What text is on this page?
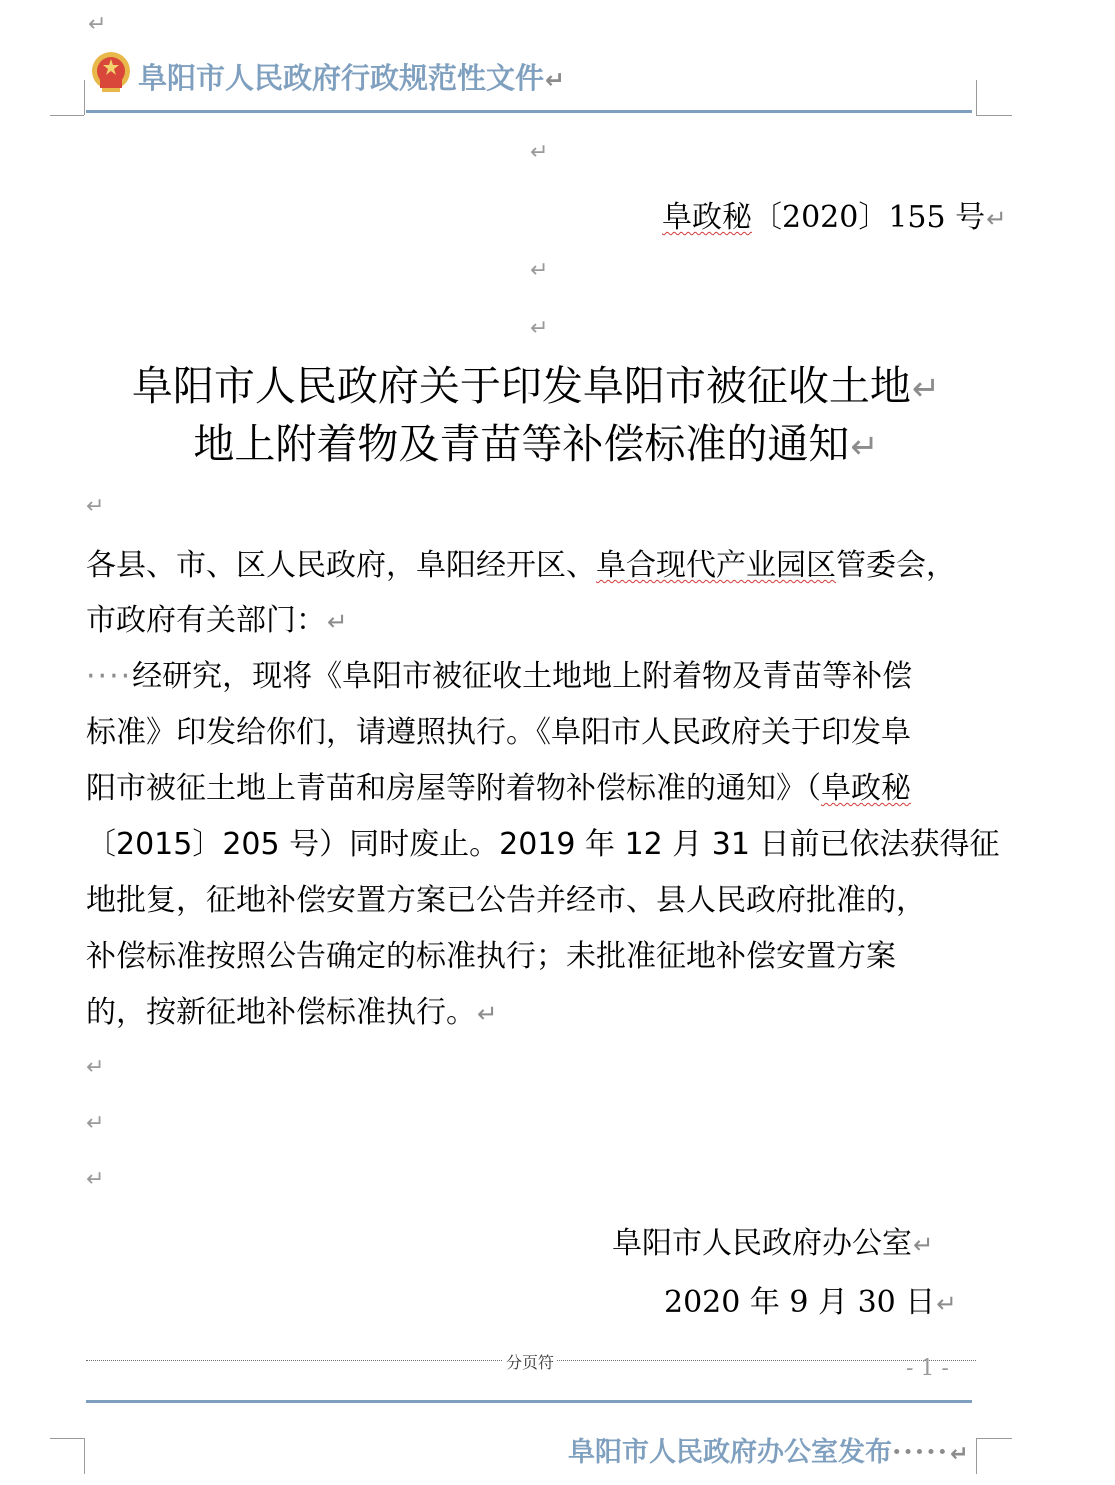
↵
阜阳市人民政府行政规范性文件↵
↵
阜政秘〔2020〕155 号↵
↵
↵
阜阳市人民政府关于印发阜阳市被征收土地↵
地上附着物及青苗等补偿标准的通知↵
↵
各县、市、区人民政府，阜阳经开区、阜合现代产业园区管委会，
市政府有关部门：↵
····经研究，现将《阜阳市被征收土地地上附着物及青苗等补偿
标准》印发给你们，请遵照执行。《阜阳市人民政府关于印发阜
阳市被征土地上青苗和房屋等附着物补偿标准的通知》（阜政秘
〔2015〕205 号）同时废止。2019 年 12 月 31 日前已依法获得征
地批复，征地补偿安置方案已公告并经市、县人民政府批准的，
补偿标准按照公告确定的标准执行；未批准征地补偿安置方案
的，按新征地补偿标准执行。↵
↵
↵
↵
阜阳市人民政府办公室↵
2020 年 9 月 30 日↵
分页符	- 1 -
阜阳市人民政府办公室发布·····↵
